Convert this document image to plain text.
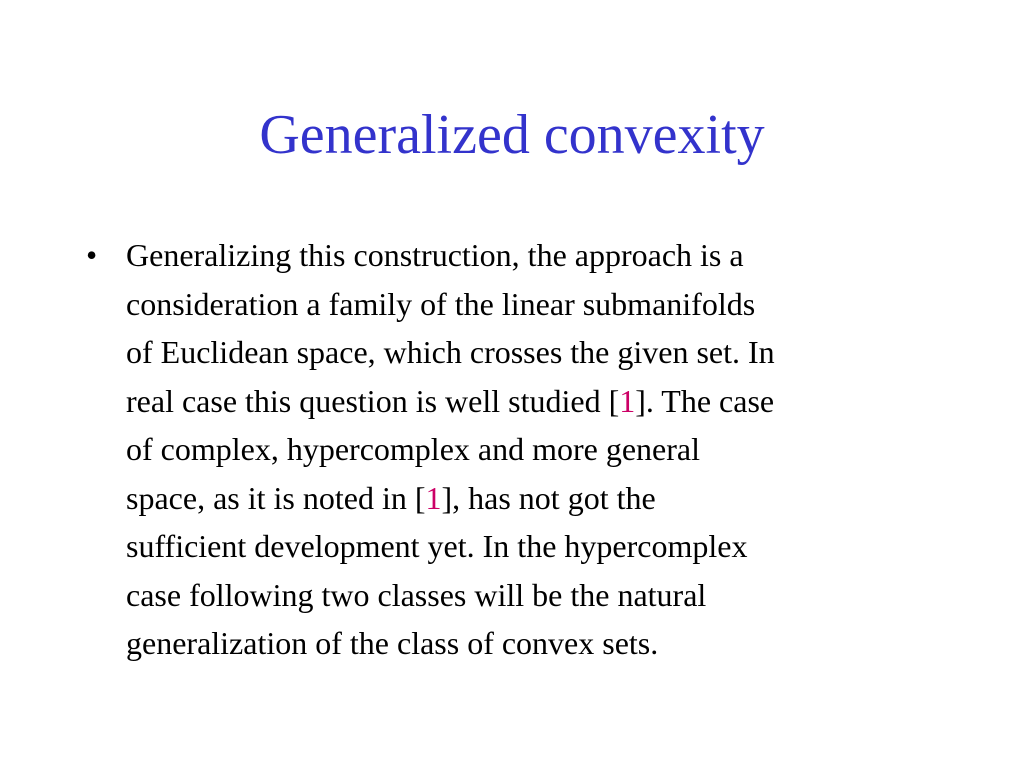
Generalized convexity
• Generalizing this construction, the approach is a
consideration a family of the linear submanifolds
of Euclidean space, which crosses the given set. In
real case this question is well studied [1]. The case
of complex, hypercomplex and more general
space, as it is noted in [1], has not got the
sufficient development yet. In the hypercomplex
case following two classes will be the natural
generalization of the class of convex sets.
